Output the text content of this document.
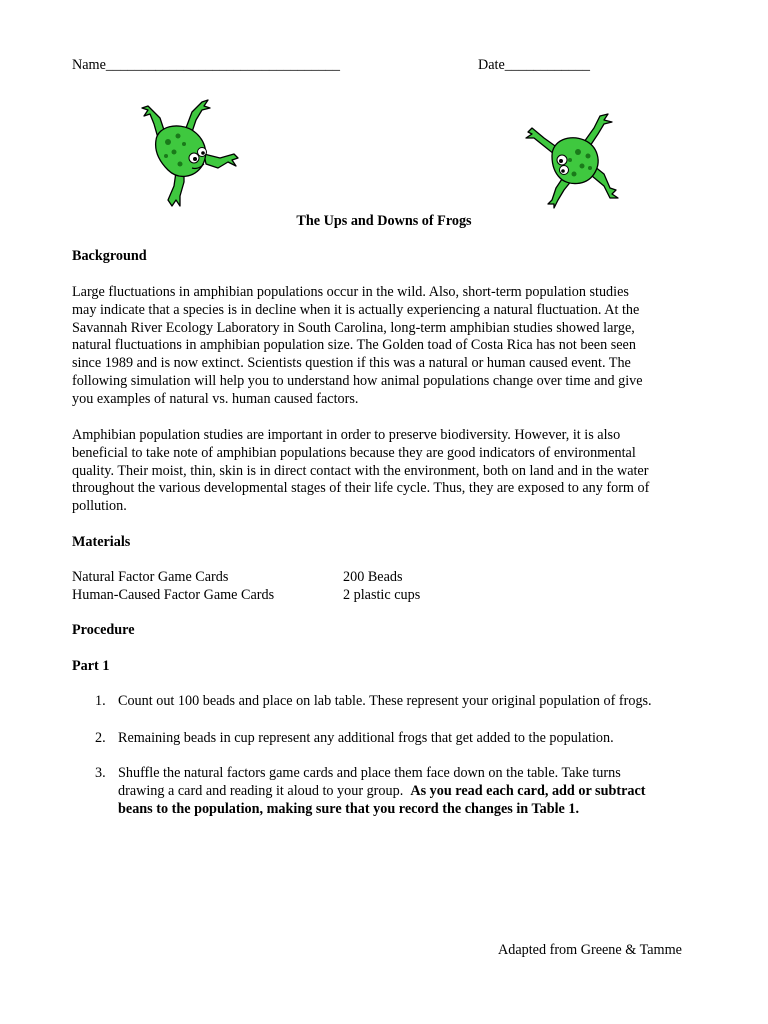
Name_________________________________	Date____________
The Ups and Downs of Frogs
Background
Large fluctuations in amphibian populations occur in the wild. Also, short-term population studies
may indicate that a species is in decline when it is actually experiencing a natural fluctuation. At the
Savannah River Ecology Laboratory in South Carolina, long-term amphibian studies showed large,
natural fluctuations in amphibian population size. The Golden toad of Costa Rica has not been seen
since 1989 and is now extinct. Scientists question if this was a natural or human caused event. The
following simulation will help you to understand how animal populations change over time and give
you examples of natural vs. human caused factors.
Amphibian population studies are important in order to preserve biodiversity. However, it is also
beneficial to take note of amphibian populations because they are good indicators of environmental
quality. Their moist, thin, skin is in direct contact with the environment, both on land and in the water
throughout the various developmental stages of their life cycle. Thus, they are exposed to any form of
pollution.
Materials
Natural Factor Game Cards	200 Beads
Human-Caused Factor Game Cards	2 plastic cups
Procedure
Part 1
1. Count out 100 beads and place on lab table. These represent your original population of frogs.
2. Remaining beads in cup represent any additional frogs that get added to the population.
3. Shuffle the natural factors game cards and place them face down on the table. Take turns
drawing a card and reading it aloud to your group.  As you read each card, add or subtract
beans to the population, making sure that you record the changes in Table 1.
Adapted from Greene & Tamme
